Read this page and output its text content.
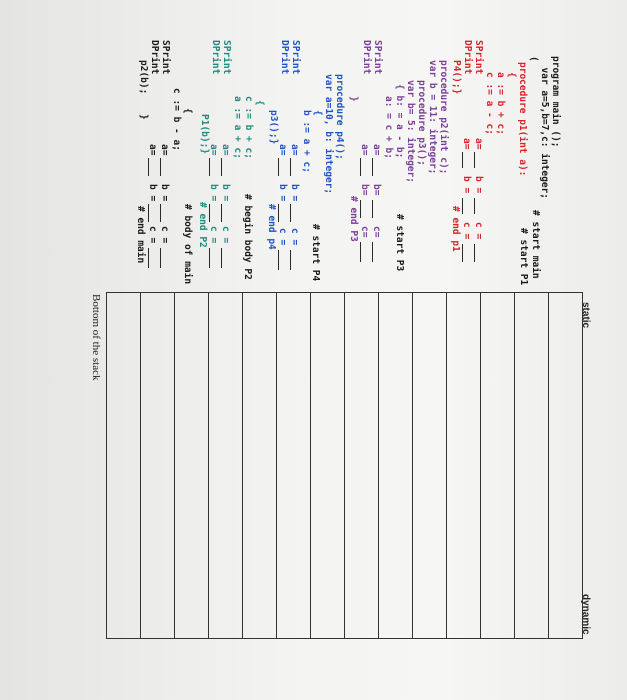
static
dynamic
program main ();
var a=5,b=7,c: integer;
# start main
(
procedure p1(int a):
# start P1
{
a := b + c;
c := a - c;
SPrint
DPrint
P4();}
a=
b =
c =
a=
b =
c =
# end p1
procedure p2(int c);
var b = 11: integer;
procedure p3();
var b= 5: integer;
{ b: = a - b;
a: = c + b;
# start P3
SPrint
DPrint
a=
b=
c=
a=
b=
c=
}
# end P3
procedure p4();
var a=10, b: integer;
{
b := a + c;
# start P4
SPrint
DPrint
p3();}
a=
b =
c =
a=
b =
c =
# end p4
{
c := b + c;
a := a + c;
# begin body P2
SPrint
DPrint
P1(b);} a=
b =
c =
a=
b =
c =
# end P2
{
# body of main
c := b - a;
SPrint
DPrint
p2(b);
}
a=
b =
c =
a=
b =
c =
# end main
Bottom of the stack
